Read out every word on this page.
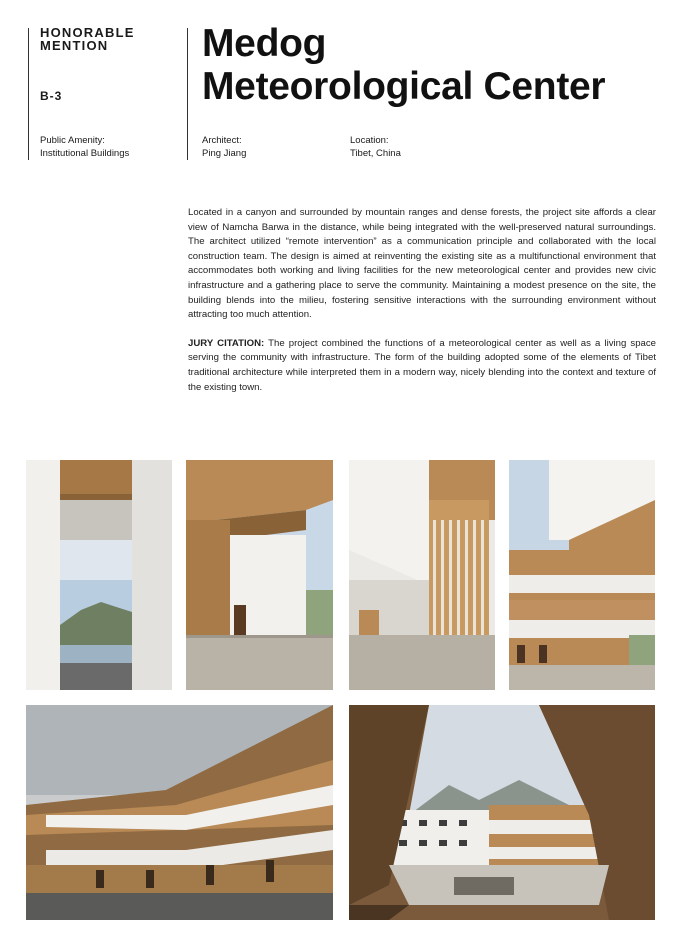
HONORABLE MENTION
B-3
Public Amenity:
Institutional Buildings
Medog
Meteorological Center
Architect:
Ping Jiang
Location:
Tibet, China

Located in a canyon and surrounded by mountain ranges and dense forests, the project site affords a clear view of Namcha Barwa in the distance, while being integrated with the well-preserved natural surroundings. The architect utilized “remote intervention” as a communication principle and collaborated with the local construction team. The design is aimed at reinventing the existing site as a multifunctional environment that accommodates both working and living facilities for the new meteorological center and provides new civic infrastructure and a gathering place to serve the community. Maintaining a modest presence on the site, the building blends into the milieu, fostering sensitive interactions with the surrounding environment without attracting too much attention.

JURY CITATION: The project combined the functions of a meteorological center as well as a living space serving the community with infrastructure. The form of the building adopted some of the elements of Tibet traditional architecture while interpreted them in a modern way, nicely blending into the context and texture of the existing town.
